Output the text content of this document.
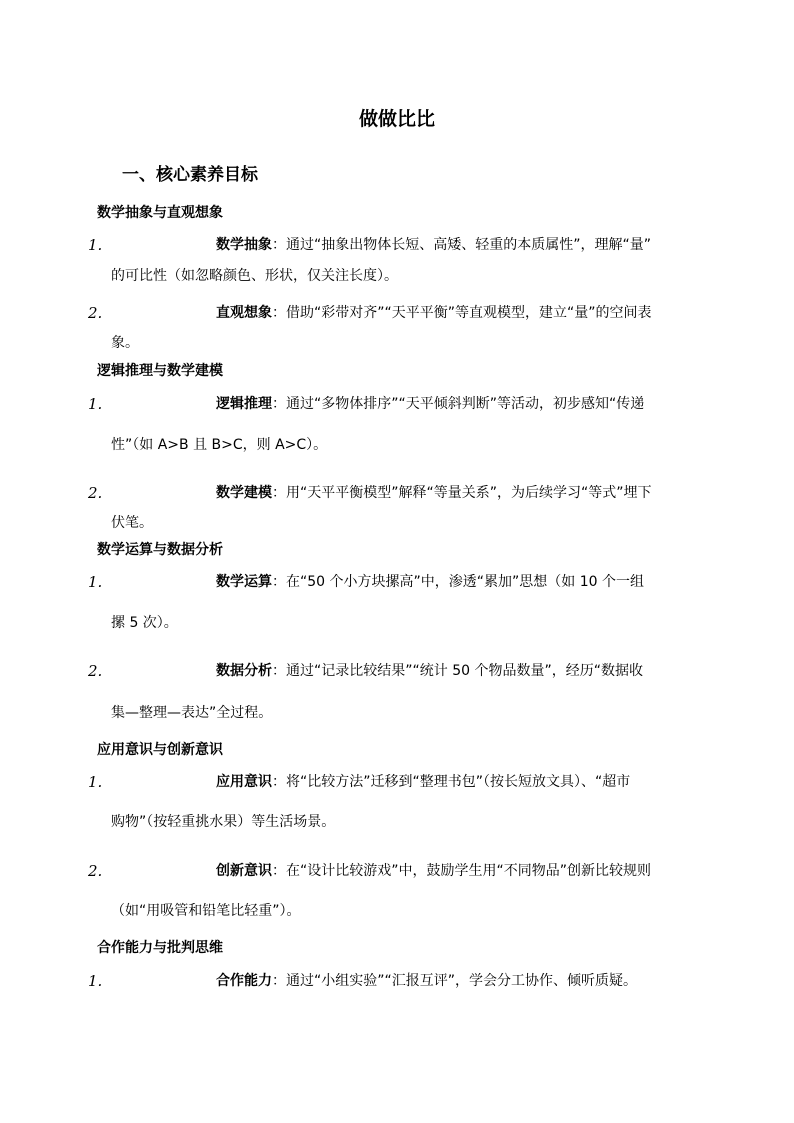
做做比比
一、核心素养目标
数学抽象与直观想象
1.	数学抽象：通过“抽象出物体长短、高矮、轻重的本质属性”，理解“量”
的可比性（如忽略颜色、形状，仅关注长度）。
2.	直观想象：借助“彩带对齐”“天平平衡”等直观模型，建立“量”的空间表
象。
逻辑推理与数学建模
1.	逻辑推理：通过“多物体排序”“天平倾斜判断”等活动，初步感知“传递
性”（如 A>B 且 B>C，则 A>C）。
2.	数学建模：用“天平平衡模型”解释“等量关系”，为后续学习“等式”埋下
伏笔。
数学运算与数据分析
1.	数学运算：在“50 个小方块摞高”中，渗透“累加”思想（如 10 个一组
摞 5 次）。
2.	数据分析：通过“记录比较结果”“统计 50 个物品数量”，经历“数据收
集—整理—表达”全过程。
应用意识与创新意识
1.	应用意识：将“比较方法”迁移到“整理书包”（按长短放文具）、“超市
购物”（按轻重挑水果）等生活场景。
2.	创新意识：在“设计比较游戏”中，鼓励学生用“不同物品”创新比较规则
（如“用吸管和铅笔比轻重”）。
合作能力与批判思维
1.	合作能力：通过“小组实验”“汇报互评”，学会分工协作、倾听质疑。
